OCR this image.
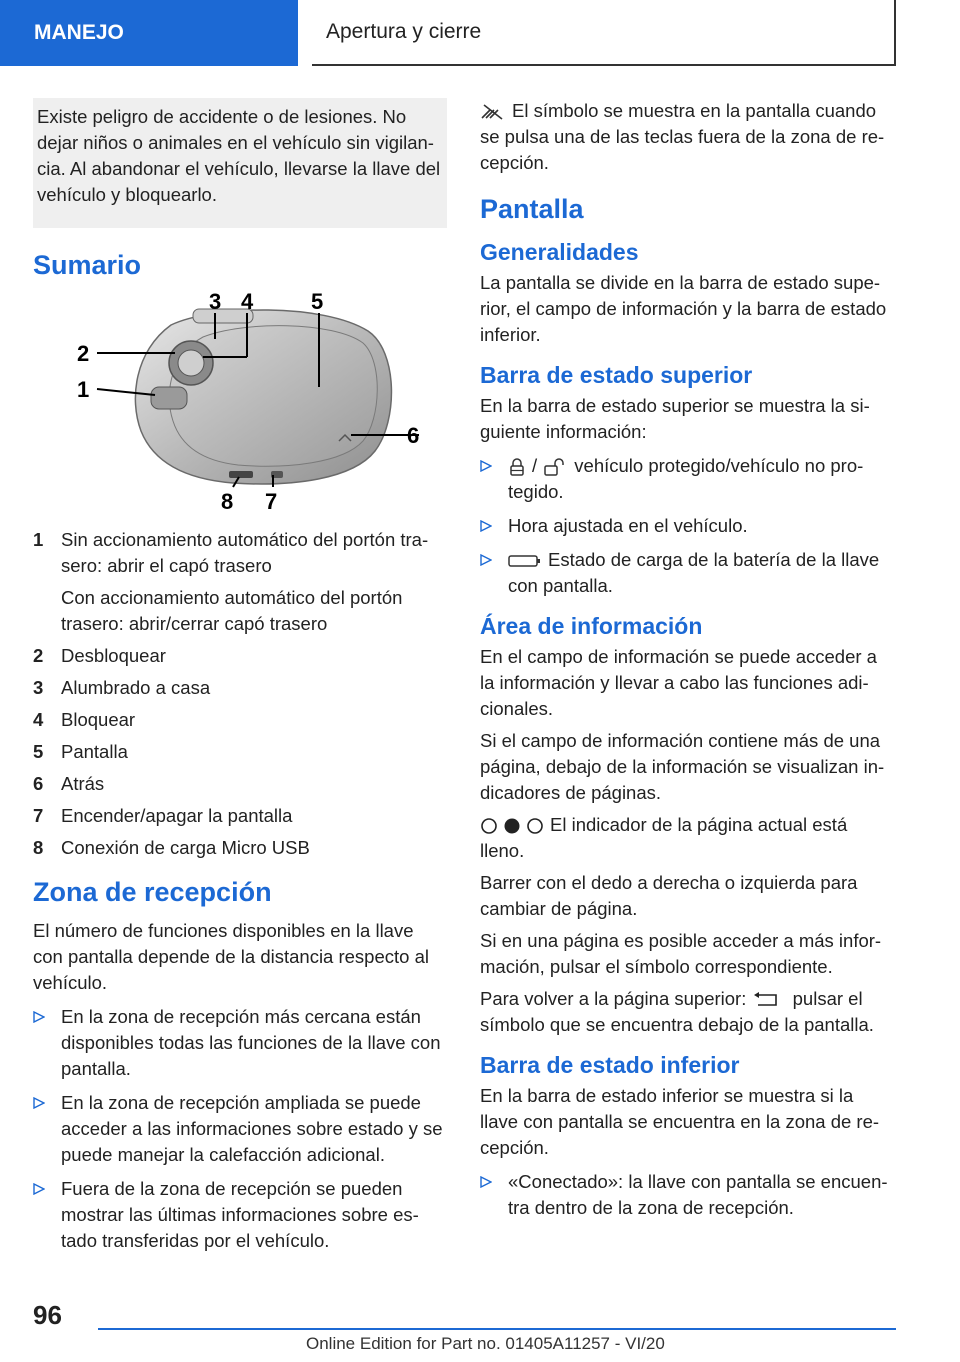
MANEJO	Apertura y cierre

Existe peligro de accidente o de lesiones. No dejar niños o animales en el vehículo sin vigilancia. Al abandonar el vehículo, llevarse la llave del vehículo y bloquearlo.

Sumario
1
2
3 4	5
6
7
8
1 Sin accionamiento automático del portón trasero: abrir el capó trasero
Con accionamiento automático del portón trasero: abrir/cerrar capó trasero
2 Desbloquear
3 Alumbrado a casa
4 Bloquear
5 Pantalla
6 Atrás
7 Encender/apagar la pantalla
8 Conexión de carga Micro USB
Zona de recepción

El número de funciones disponibles en la llave con pantalla depende de la distancia respecto al vehículo.

En la zona de recepción más cercana están disponibles todas las funciones de la llave con pantalla.
En la zona de recepción ampliada se puede acceder a las informaciones sobre estado y se puede manejar la calefacción adicional.
Fuera de la zona de recepción se pueden mostrar las últimas informaciones sobre estado transferidas por el vehículo.

El símbolo se muestra en la pantalla cuando se pulsa una de las teclas fuera de la zona de recepción.

Pantalla
Generalidades

La pantalla se divide en la barra de estado superior, el campo de información y la barra de estado inferior.

Barra de estado superior

En la barra de estado superior se muestra la siguiente información:

/ vehículo protegido/vehículo no protegido.
Hora ajustada en el vehículo.
Estado de carga de la batería de la llave con pantalla.
Área de información

En el campo de información se puede acceder a la información y llevar a cabo las funciones adicionales.

Si el campo de información contiene más de una página, debajo de la información se visualizan indicadores de páginas.

El indicador de la página actual está lleno.

Barrer con el dedo a derecha o izquierda para cambiar de página.

Si en una página es posible acceder a más información, pulsar el símbolo correspondiente.

Para volver a la página superior:	pulsar el símbolo que se encuentra debajo de la pantalla.

Barra de estado inferior

En la barra de estado inferior se muestra si la llave con pantalla se encuentra en la zona de recepción.

«Conectado»: la llave con pantalla se encuentra dentro de la zona de recepción.
96
Online Edition for Part no. 01405A11257 - VI/20
